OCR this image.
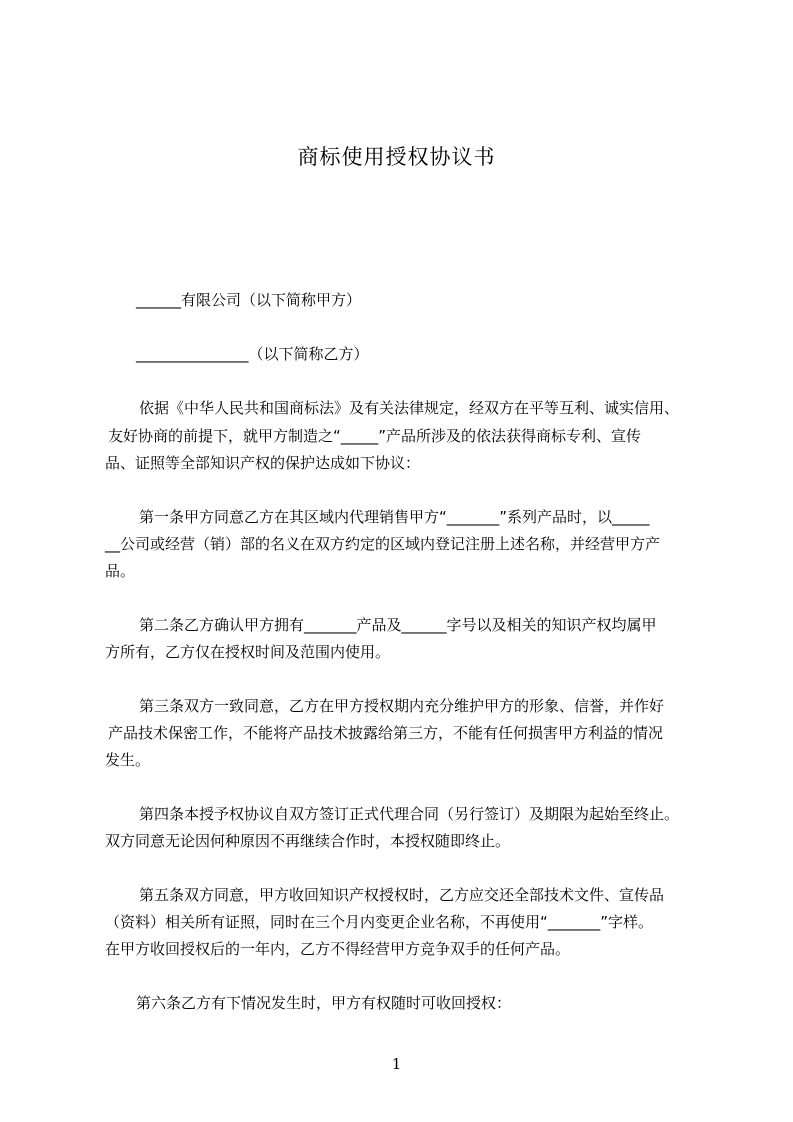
商标使用授权协议书
______有限公司（以下简称甲方）
_______________（以下简称乙方）
依据《中华人民共和国商标法》及有关法律规定，经双方在平等互利、诚实信用、
友好协商的前提下，就甲方制造之“_____”产品所涉及的依法获得商标专利、宣传
品、证照等全部知识产权的保护达成如下协议：
第一条甲方同意乙方在其区域内代理销售甲方“_______”系列产品时，以_____
__公司或经营（销）部的名义在双方约定的区域内登记注册上述名称，并经营甲方产
品。
第二条乙方确认甲方拥有_______产品及______字号以及相关的知识产权均属甲
方所有，乙方仅在授权时间及范围内使用。
第三条双方一致同意，乙方在甲方授权期内充分维护甲方的形象、信誉，并作好
产品技术保密工作，不能将产品技术披露给第三方，不能有任何损害甲方利益的情况
发生。
第四条本授予权协议自双方签订正式代理合同（另行签订）及期限为起始至终止。
双方同意无论因何种原因不再继续合作时，本授权随即终止。
第五条双方同意，甲方收回知识产权授权时，乙方应交还全部技术文件、宣传品
（资料）相关所有证照，同时在三个月内变更企业名称，不再使用“_______”字样。
在甲方收回授权后的一年内，乙方不得经营甲方竞争双手的任何产品。
第六条乙方有下情况发生时，甲方有权随时可收回授权：
1
